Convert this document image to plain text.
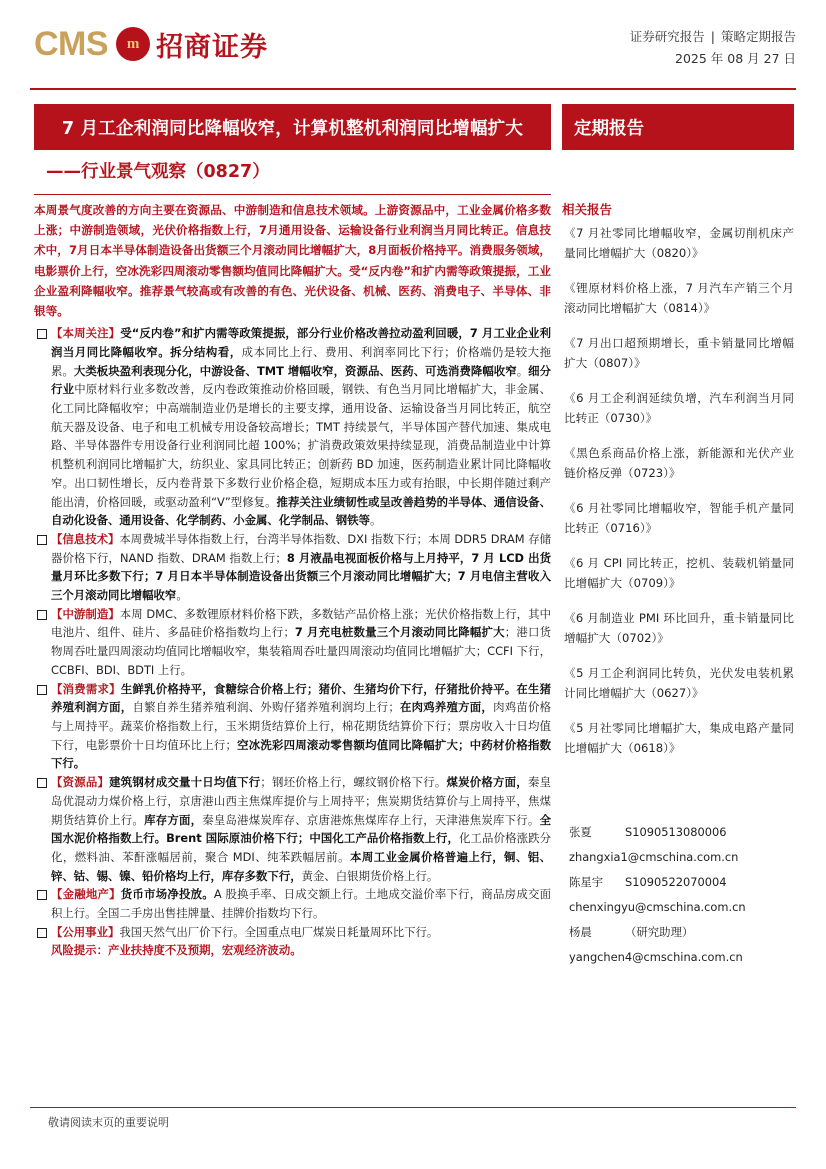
CMS	m 招商证券	证券研究报告 | 策略定期报告
2025 年 08 月 27 日
7 月工企利润同比降幅收窄，计算机整机利润同比增幅扩大	定期报告
——行业景气观察（0827）

本周景气度改善的方向主要在资源品、中游制造和信息技术领域。上游资源品中，工业金属价格多数上涨；中游制造领域，光伏价格指数上行，7月通用设备、运输设备行业利润当月同比转正。信息技术中，7月日本半导体制造设备出货额三个月滚动同比增幅扩大，8月面板价格持平。消费服务领域，电影票价上行，空冰洗彩四周滚动零售额均值同比降幅扩大。受“反内卷”和扩内需等政策提振，工业企业盈利降幅收窄。推荐景气较高或有改善的有色、光伏设备、机械、医药、消费电子、半导体、非银等。

【本周关注】受“反内卷”和扩内需等政策提振，部分行业价格改善拉动盈利回暖，7 月工业企业利润当月同比降幅收窄。拆分结构看，成本同比上行、费用、利润率同比下行；价格端仍是较大拖累。大类板块盈利表现分化，中游设备、TMT 增幅收窄，资源品、医药、可选消费降幅收窄。细分行业中原材料行业多数改善，反内卷政策推动价格回暖，钢铁、有色当月同比增幅扩大，非金属、化工同比降幅收窄；中高端制造业仍是增长的主要支撑，通用设备、运输设备当月同比转正，航空航天器及设备、电子和电工机械专用设备较高增长；TMT 持续景气，半导体国产替代加速、集成电路、半导体器件专用设备行业利润同比超 100%；扩消费政策效果持续显现，消费品制造业中计算机整机利润同比增幅扩大，纺织业、家具同比转正；创新药 BD 加速，医药制造业累计同比降幅收窄。出口韧性增长，反内卷背景下多数行业价格企稳，短期成本压力或有抬眼，中长期伴随过剩产能出清，价格回暖，或驱动盈利“V”型修复。推荐关注业绩韧性或呈改善趋势的半导体、通信设备、自动化设备、通用设备、化学制药、小金属、化学制品、钢铁等。

【信息技术】本周费城半导体指数上行，台湾半导体指数、DXI 指数下行；本周 DDR5 DRAM 存储器价格下行，NAND 指数、DRAM 指数上行；8 月液晶电视面板价格与上月持平，7 月 LCD 出货量月环比多数下行；7 月日本半导体制造设备出货额三个月滚动同比增幅扩大；7 月电信主营收入三个月滚动同比增幅收窄。

【中游制造】本周 DMC、多数锂原材料价格下跌，多数钴产品价格上涨；光伏价格指数上行，其中电池片、组件、硅片、多晶硅价格指数均上行；7 月充电桩数量三个月滚动同比降幅扩大；港口货物周吞吐量四周滚动均值同比增幅收窄，集装箱周吞吐量四周滚动均值同比增幅扩大；CCFI 下行，CCBFI、BDI、BDTI 上行。

【消费需求】生鲜乳价格持平，食糖综合价格上行；猪价、生猪均价下行，仔猪批价持平。在生猪养殖利润方面，自繁自养生猪养殖利润、外购仔猪养殖利润均上行；在肉鸡养殖方面，肉鸡苗价格与上周持平。蔬菜价格指数上行，玉米期货结算价上行，棉花期货结算价下行；票房收入十日均值下行，电影票价十日均值环比上行；空冰洗彩四周滚动零售额均值同比降幅扩大；中药材价格指数下行。

【资源品】建筑钢材成交量十日均值下行；钢坯价格上行，螺纹钢价格下行。煤炭价格方面，秦皇岛优混动力煤价格上行，京唐港山西主焦煤库提价与上周持平；焦炭期货结算价与上周持平，焦煤期货结算价上行。库存方面，秦皇岛港煤炭库存、京唐港炼焦煤库存上行，天津港焦炭库下行。全国水泥价格指数上行。Brent 国际原油价格下行；中国化工产品价格指数上行，化工品价格涨跌分化，燃料油、苯酐涨幅居前，聚合 MDI、纯苯跌幅居前。本周工业金属价格普遍上行，铜、铝、锌、钴、锡、镍、铅价格均上行，库存多数下行，黄金、白银期货价格上行。

【金融地产】货币市场净投放。A 股换手率、日成交额上行。土地成交溢价率下行，商品房成交面积上行。全国二手房出售挂牌量、挂牌价指数均下行。

【公用事业】我国天然气出厂价下行。全国重点电厂煤炭日耗量周环比下行。

风险提示：产业扶持度不及预期，宏观经济波动。

相关报告
《7 月社零同比增幅收窄，金属切削机床产量同比增幅扩大（0820）》
《锂原材料价格上涨，7 月汽车产销三个月滚动同比增幅扩大（0814）》
《7 月出口超预期增长，重卡销量同比增幅扩大（0807）》
《6 月工企利润延续负增，汽车利润当月同比转正（0730）》
《黑色系商品价格上涨，新能源和光伏产业链价格反弹（0723）》
《6 月社零同比增幅收窄，智能手机产量同比转正（0716）》
《6 月 CPI 同比转正，挖机、装载机销量同比增幅扩大（0709）》
《6 月制造业 PMI 环比回升，重卡销量同比增幅扩大（0702）》
《5 月工企利润同比转负，光伏发电装机累计同比增幅扩大（0627）》
《5 月社零同比增幅扩大，集成电路产量同比增幅扩大（0618）》
张夏	S1090513080006
zhangxia1@cmschina.com.cn
陈星宇	S1090522070004
chenxingyu@cmschina.com.cn
杨晨	（研究助理）
yangchen4@cmschina.com.cn
敬请阅读末页的重要说明
